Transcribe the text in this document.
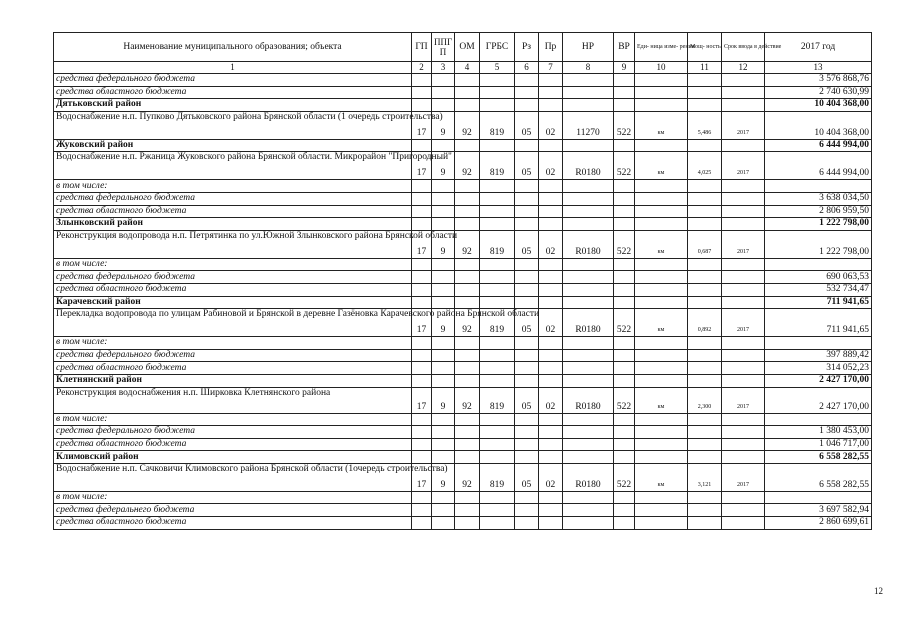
Наименование муниципального образования; объекта	ГП	ППГ П	ОМ	ГРБС	Рз	Пр	НР	ВР	Еди- ница изме- рения	Мощ- ность	Срок ввода в действие	2017 год
1	2	3	4	5	6	7	8	9	10	11	12	13
средства федерального бюджета												3 576 868,76
средства областного бюджета												2 740 630,99
Дятьковский район												10 404 368,00
Водоснабжение н.п. Пупково Дятьковского района Брянской области (1 очередь строительства)	17	9	92	819	05	02	11270	522	км	5,486	2017	10 404 368,00
Жуковский район												6 444 994,00
Водоснабжение н.п. Ржаница Жуковского района Брянской области. Микрорайон "Пригородный"	17	9	92	819	05	02	R0180	522	км	4,025	2017	6 444 994,00
в том числе:												
средства федерального бюджета												3 638 034,50
средства областного бюджета												2 806 959,50
Злынковский район												1 222 798,00
Реконструкция водопровода н.п. Петрятинка по ул.Южной Злынковского района Брянской области	17	9	92	819	05	02	R0180	522	км	0,687	2017	1 222 798,00
в том числе:												
средства федерального бюджета												690 063,53
средства областного бюджета												532 734,47
Карачевский район												711 941,65
Перекладка водопровода по улицам Рабиновой и Брянской в деревне Газёновка Карачевского района Брянской области	17	9	92	819	05	02	R0180	522	км	0,892	2017	711 941,65
в том числе:												
средства федерального бюджета												397 889,42
средства областного бюджета												314 052,23
Клетнянский район												2 427 170,00
Реконструкция водоснабжения н.п. Ширковка Клетнянского района	17	9	92	819	05	02	R0180	522	км	2,300	2017	2 427 170,00
в том числе:												
средства федерального бюджета												1 380 453,00
средства областного бюджета												1 046 717,00
Климовский район												6 558 282,55
Водоснабжение н.п. Сачковичи Климовского района Брянской области (1очередь строительства)	17	9	92	819	05	02	R0180	522	км	3,121	2017	6 558 282,55
в том числе:												
средства федеральнего бюджета												3 697 582,94
средства областного бюджета												2 860 699,61
12
